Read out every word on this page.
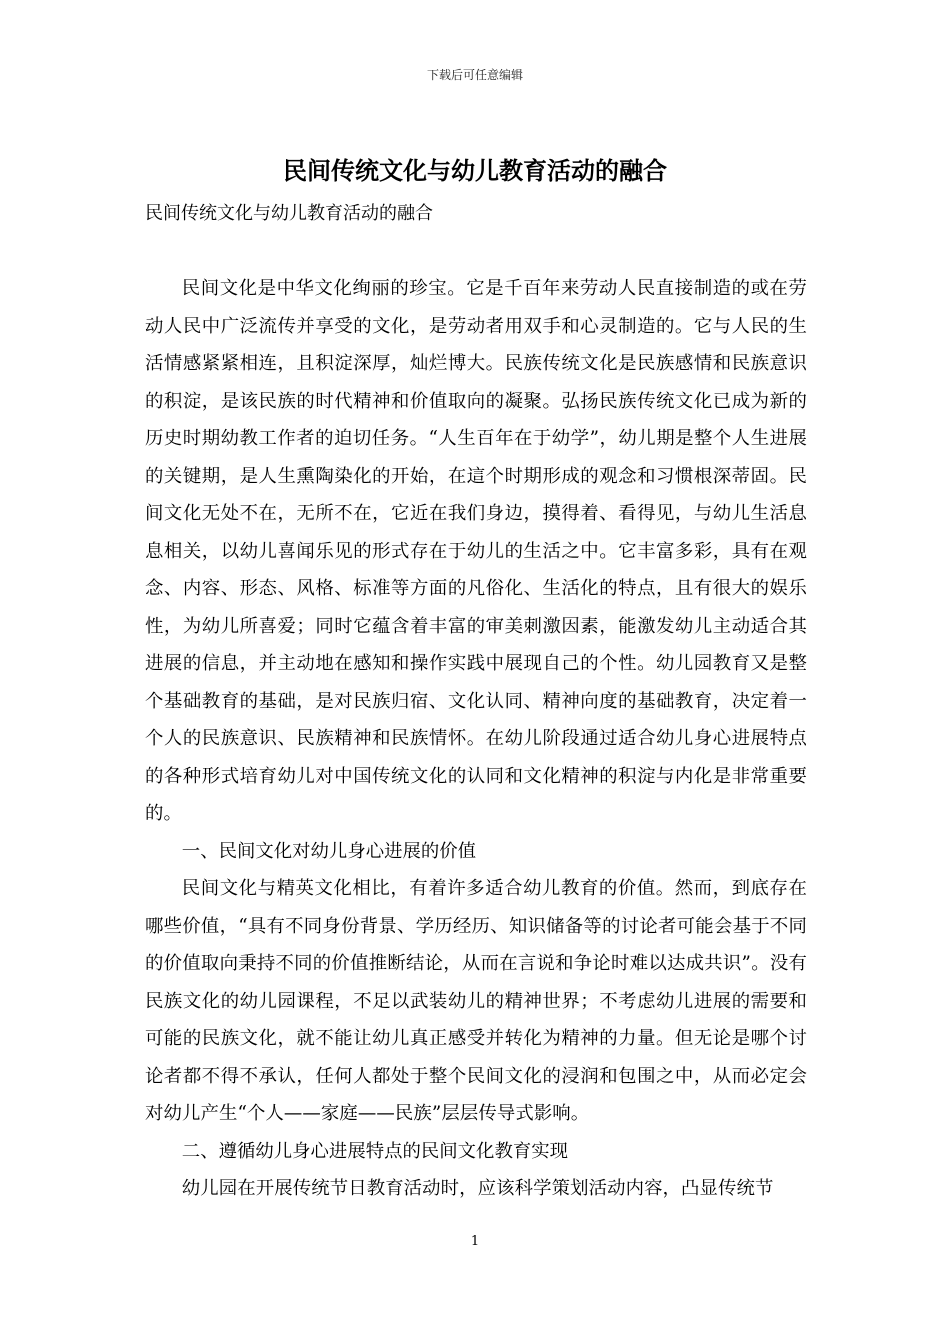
下载后可任意编辑
民间传统文化与幼儿教育活动的融合

民间传统文化与幼儿教育活动的融合

民间文化是中华文化绚丽的珍宝。它是千百年来劳动人民直接制造的或在劳动人民中广泛流传并享受的文化，是劳动者用双手和心灵制造的。它与人民的生活情感紧紧相连，且积淀深厚，灿烂博大。民族传统文化是民族感情和民族意识的积淀，是该民族的时代精神和价值取向的凝聚。弘扬民族传统文化已成为新的历史时期幼教工作者的迫切任务。“人生百年在于幼学”，幼儿期是整个人生进展的关键期，是人生熏陶染化的开始，在這个时期形成的观念和习惯根深蒂固。民间文化无处不在，无所不在，它近在我们身边，摸得着、看得见，与幼儿生活息息相关，以幼儿喜闻乐见的形式存在于幼儿的生活之中。它丰富多彩，具有在观念、内容、形态、风格、标准等方面的凡俗化、生活化的特点，且有很大的娱乐性，为幼儿所喜爱；同时它蕴含着丰富的审美刺激因素，能激发幼儿主动适合其进展的信息，并主动地在感知和操作实践中展现自己的个性。幼儿园教育又是整个基础教育的基础，是对民族归宿、文化认同、精神向度的基础教育，决定着一个人的民族意识、民族精神和民族情怀。在幼儿阶段通过适合幼儿身心进展特点的各种形式培育幼儿对中国传统文化的认同和文化精神的积淀与内化是非常重要的。

一、民间文化对幼儿身心进展的价值

民间文化与精英文化相比，有着许多适合幼儿教育的价值。然而，到底存在哪些价值，“具有不同身份背景、学历经历、知识储备等的讨论者可能会基于不同的价值取向秉持不同的价值推断结论，从而在言说和争论时难以达成共识”。没有民族文化的幼儿园课程，不足以武装幼儿的精神世界；不考虑幼儿进展的需要和可能的民族文化，就不能让幼儿真正感受并转化为精神的力量。但无论是哪个讨论者都不得不承认，任何人都处于整个民间文化的浸润和包围之中，从而必定会对幼儿产生“个人——家庭——民族”层层传导式影响。

二、遵循幼儿身心进展特点的民间文化教育实现

幼儿园在开展传统节日教育活动时，应该科学策划活动内容，凸显传统节

1
